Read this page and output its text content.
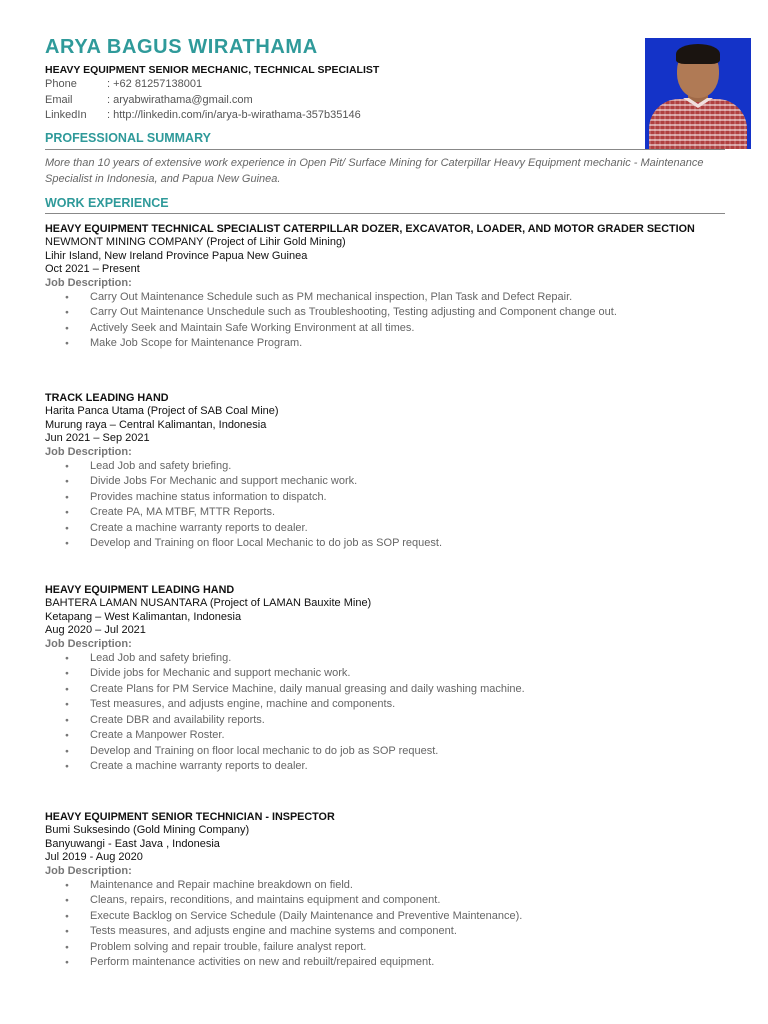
ARYA BAGUS WIRATHAMA
HEAVY EQUIPMENT SENIOR MECHANIC, TECHNICAL SPECIALIST
Phone	: +62 81257138001
Email	: aryabwirathama@gmail.com
LinkedIn	: http://linkedin.com/in/arya-b-wirathama-357b35146
PROFESSIONAL SUMMARY
More than 10 years of extensive work experience in Open Pit/ Surface Mining for Caterpillar Heavy Equipment mechanic - Maintenance Specialist in Indonesia, and Papua New Guinea.
WORK EXPERIENCE
HEAVY EQUIPMENT TECHNICAL SPECIALIST CATERPILLAR DOZER, EXCAVATOR, LOADER, AND MOTOR GRADER SECTION
NEWMONT MINING COMPANY (Project of Lihir Gold Mining)
Lihir Island, New Ireland Province Papua New Guinea
Oct 2021 – Present
Job Description:
● Carry Out Maintenance Schedule such as PM mechanical inspection, Plan Task and Defect Repair.
● Carry Out Maintenance Unschedule such as Troubleshooting, Testing adjusting and Component change out.
● Actively Seek and Maintain Safe Working Environment at all times.
● Make Job Scope for Maintenance Program.
TRACK LEADING HAND
Harita Panca Utama (Project of SAB Coal Mine)
Murung raya – Central Kalimantan, Indonesia
Jun 2021 – Sep 2021
Job Description:
● Lead Job and safety briefing.
● Divide Jobs For Mechanic and support mechanic work.
● Provides machine status information to dispatch.
● Create PA, MA MTBF, MTTR Reports.
● Create a machine warranty reports to dealer.
● Develop and Training on floor Local Mechanic to do job as SOP request.
HEAVY EQUIPMENT LEADING HAND
BAHTERA LAMAN NUSANTARA (Project of LAMAN Bauxite Mine)
Ketapang – West Kalimantan, Indonesia
Aug 2020 – Jul 2021
Job Description:
● Lead Job and safety briefing.
● Divide jobs for Mechanic and support mechanic work.
● Create Plans for PM Service Machine, daily manual greasing and daily washing machine.
● Test measures, and adjusts engine, machine and components.
● Create DBR and availability reports.
● Create a Manpower Roster.
● Develop and Training on floor local mechanic to do job as SOP request.
● Create a machine warranty reports to dealer.
HEAVY EQUIPMENT SENIOR TECHNICIAN - INSPECTOR
Bumi Suksesindo (Gold Mining Company)
Banyuwangi - East Java , Indonesia
Jul 2019 - Aug 2020
Job Description:
● Maintenance and Repair machine breakdown on field.
● Cleans, repairs, reconditions, and maintains equipment and component.
● Execute Backlog on Service Schedule (Daily Maintenance and Preventive Maintenance).
● Tests measures, and adjusts engine and machine systems and component.
● Problem solving and repair trouble, failure analyst report.
● Perform maintenance activities on new and rebuilt/repaired equipment.
